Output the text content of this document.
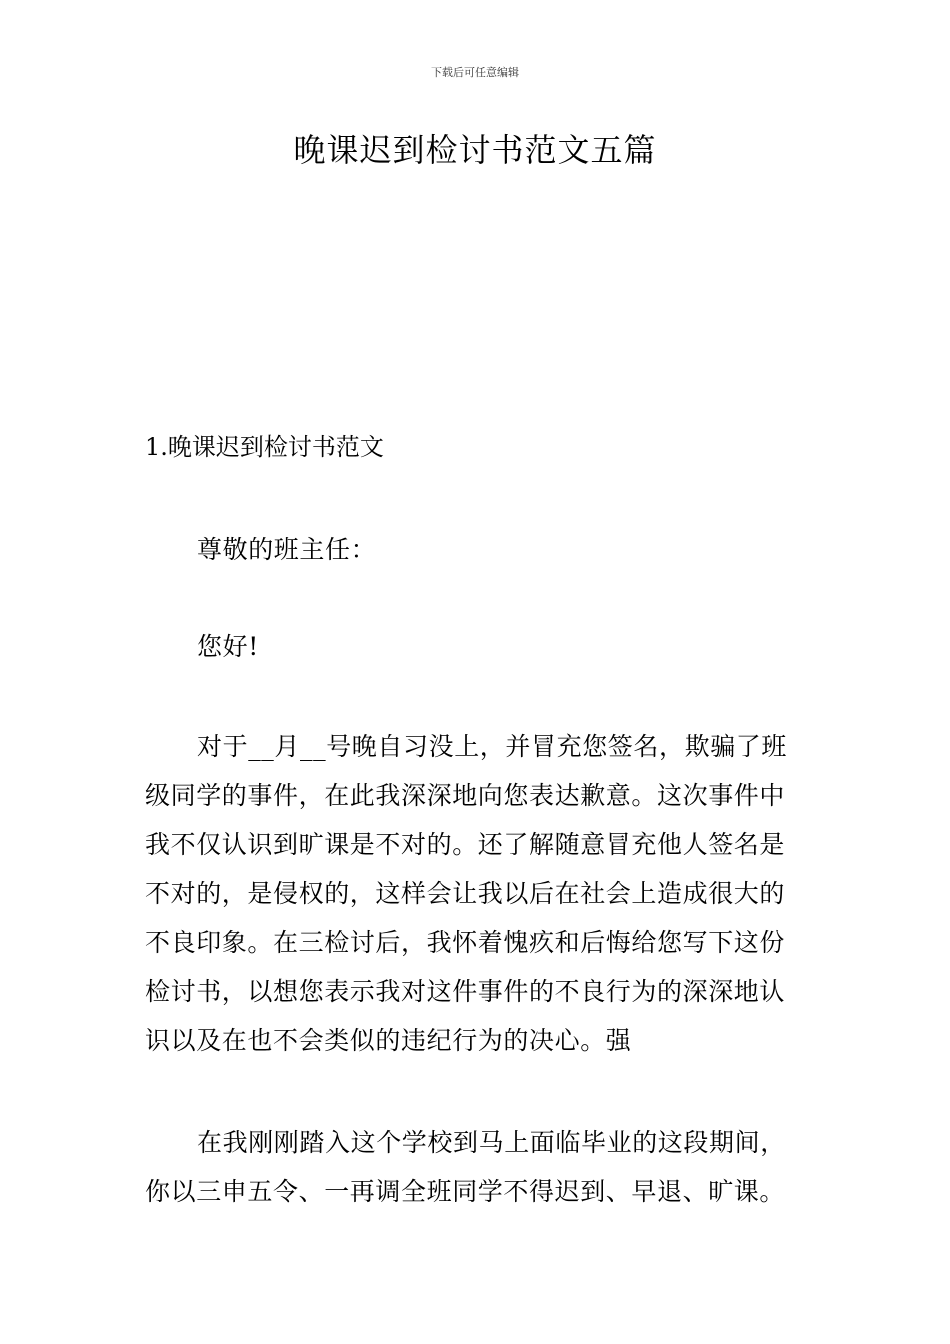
下载后可任意编辑
晚课迟到检讨书范文五篇
1.晚课迟到检讨书范文

尊敬的班主任：

您好!

对于__月__号晚自习没上，并冒充您签名，欺骗了班级同学的事件，在此我深深地向您表达歉意。这次事件中我不仅认识到旷课是不对的。还了解随意冒充他人签名是不对的，是侵权的，这样会让我以后在社会上造成很大的不良印象。在三检讨后，我怀着愧疚和后悔给您写下这份检讨书，以想您表示我对这件事件的不良行为的深深地认识以及在也不会类似的违纪行为的决心。强

在我刚刚踏入这个学校到马上面临毕业的这段期间，你以三申五令、一再调全班同学不得迟到、早退、旷课。
